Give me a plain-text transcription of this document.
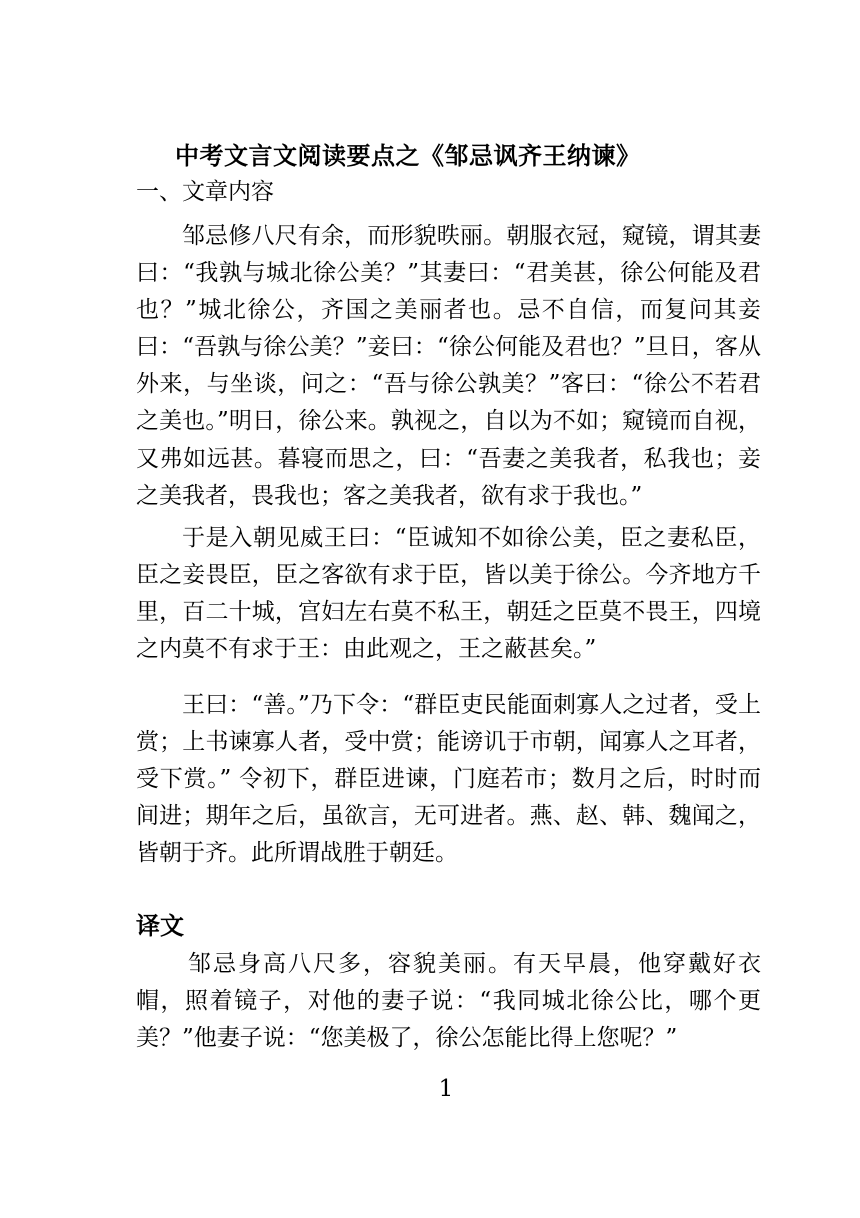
中考文言文阅读要点之《邹忌讽齐王纳谏》
一、文章内容

邹忌修八尺有余，而形貌昳丽。朝服衣冠，窥镜，谓其妻曰：“我孰与城北徐公美？”其妻曰：“君美甚，徐公何能及君也？”城北徐公，齐国之美丽者也。忌不自信，而复问其妾曰：“吾孰与徐公美？”妾曰：“徐公何能及君也？”旦日，客从外来，与坐谈，问之：“吾与徐公孰美？”客曰：“徐公不若君之美也。”明日，徐公来。孰视之，自以为不如；窥镜而自视，又弗如远甚。暮寝而思之，曰：“吾妻之美我者，私我也；妾之美我者，畏我也；客之美我者，欲有求于我也。”

于是入朝见威王曰：“臣诚知不如徐公美，臣之妻私臣，臣之妾畏臣，臣之客欲有求于臣，皆以美于徐公。今齐地方千里，百二十城，宫妇左右莫不私王，朝廷之臣莫不畏王，四境之内莫不有求于王：由此观之，王之蔽甚矣。”

王曰：“善。”乃下令：“群臣吏民能面刺寡人之过者，受上赏；上书谏寡人者，受中赏；能谤讥于市朝，闻寡人之耳者，受下赏。” 令初下，群臣进谏，门庭若市；数月之后，时时而间进；期年之后，虽欲言，无可进者。燕、赵、韩、魏闻之，皆朝于齐。此所谓战胜于朝廷。

译文

邹忌身高八尺多，容貌美丽。有天早晨，他穿戴好衣帽，照着镜子，对他的妻子说：“我同城北徐公比，哪个更美？”他妻子说：“您美极了，徐公怎能比得上您呢？”

1
